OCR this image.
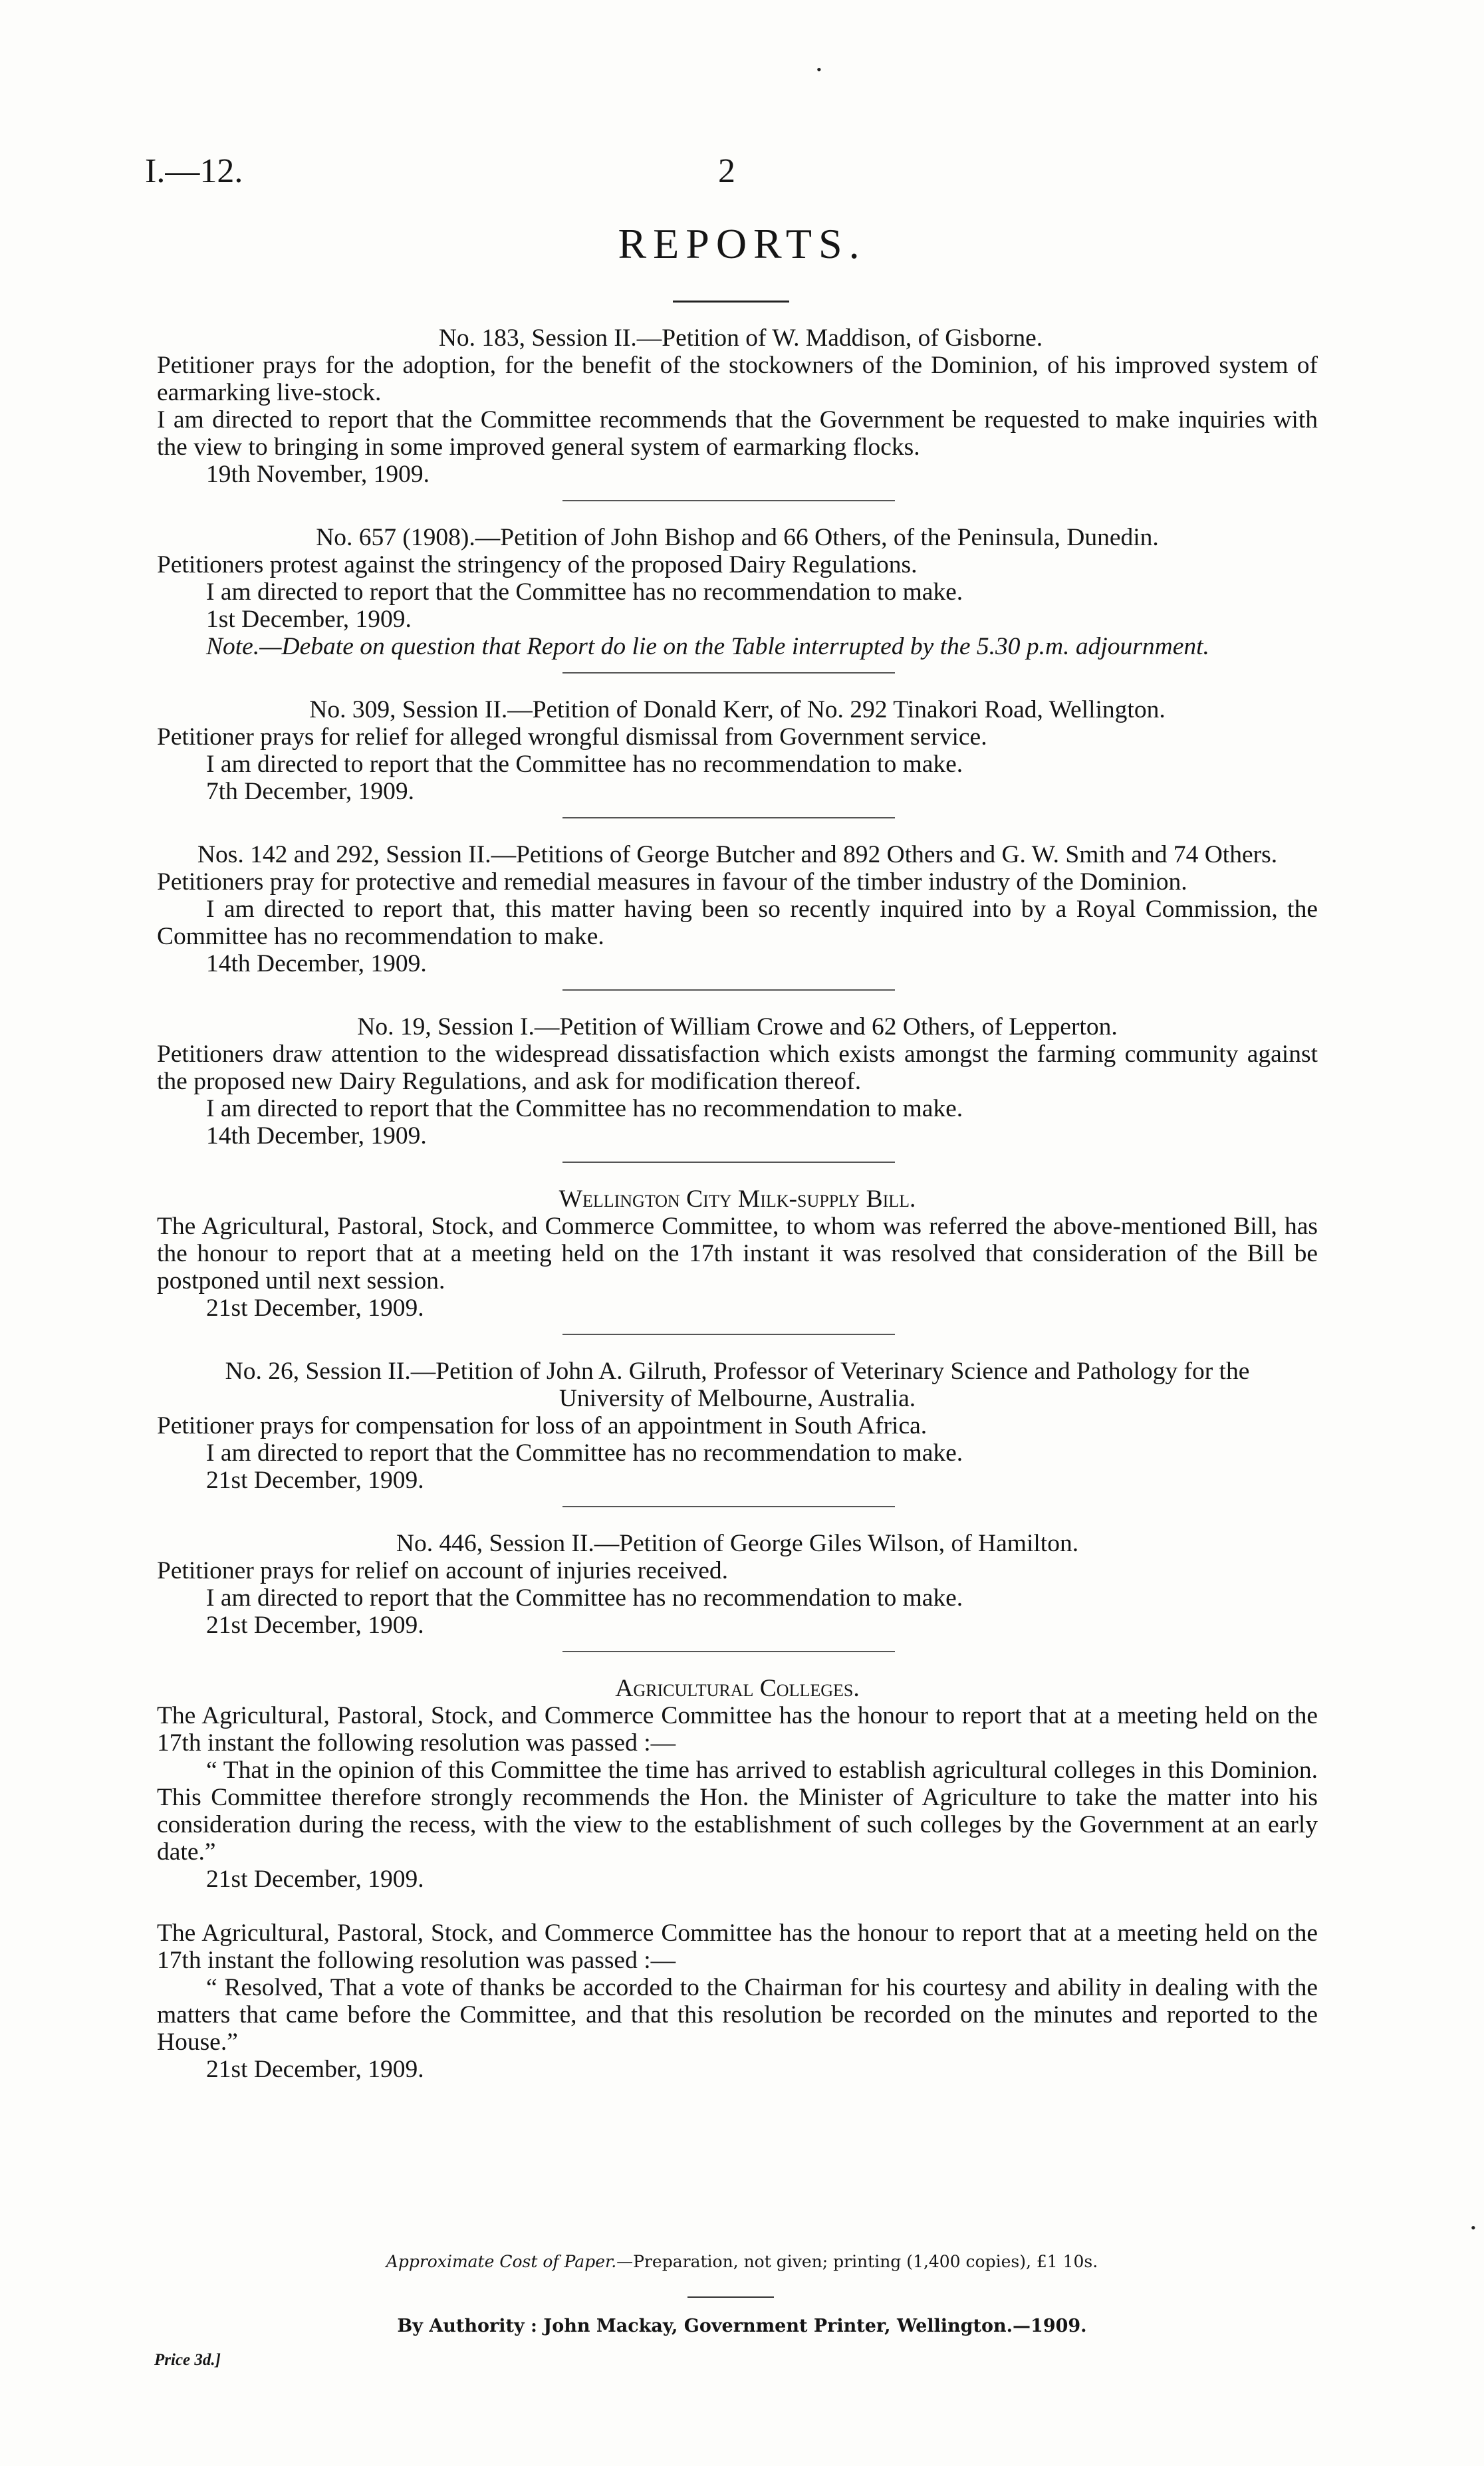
I.—12.	2
REPORTS.
No. 183, Session II.—Petition of W. Maddison, of Gisborne.
Petitioner prays for the adoption, for the benefit of the stockowners of the Dominion, of his improved system of earmarking live-stock.
I am directed to report that the Committee recommends that the Government be requested to make inquiries with the view to bringing in some improved general system of earmarking flocks.
19th November, 1909.
No. 657 (1908).—Petition of John Bishop and 66 Others, of the Peninsula, Dunedin.
Petitioners protest against the stringency of the proposed Dairy Regulations.
I am directed to report that the Committee has no recommendation to make.
1st December, 1909.
Note.—Debate on question that Report do lie on the Table interrupted by the 5.30 p.m. adjournment.
No. 309, Session II.—Petition of Donald Kerr, of No. 292 Tinakori Road, Wellington.
Petitioner prays for relief for alleged wrongful dismissal from Government service.
I am directed to report that the Committee has no recommendation to make.
7th December, 1909.
Nos. 142 and 292, Session II.—Petitions of George Butcher and 892 Others and G. W. Smith and 74 Others.
Petitioners pray for protective and remedial measures in favour of the timber industry of the Dominion.
I am directed to report that, this matter having been so recently inquired into by a Royal Commission, the Committee has no recommendation to make.
14th December, 1909.
No. 19, Session I.—Petition of William Crowe and 62 Others, of Lepperton.
Petitioners draw attention to the widespread dissatisfaction which exists amongst the farming community against the proposed new Dairy Regulations, and ask for modification thereof.
I am directed to report that the Committee has no recommendation to make.
14th December, 1909.
Wellington City Milk-supply Bill.
The Agricultural, Pastoral, Stock, and Commerce Committee, to whom was referred the above-mentioned Bill, has the honour to report that at a meeting held on the 17th instant it was resolved that consideration of the Bill be postponed until next session.
21st December, 1909.
No. 26, Session II.—Petition of John A. Gilruth, Professor of Veterinary Science and Pathology for the University of Melbourne, Australia.
Petitioner prays for compensation for loss of an appointment in South Africa.
I am directed to report that the Committee has no recommendation to make.
21st December, 1909.
No. 446, Session II.—Petition of George Giles Wilson, of Hamilton.
Petitioner prays for relief on account of injuries received.
I am directed to report that the Committee has no recommendation to make.
21st December, 1909.
Agricultural Colleges.
The Agricultural, Pastoral, Stock, and Commerce Committee has the honour to report that at a meeting held on the 17th instant the following resolution was passed :—
“ That in the opinion of this Committee the time has arrived to establish agricultural colleges in this Dominion. This Committee therefore strongly recommends the Hon. the Minister of Agriculture to take the matter into his consideration during the recess, with the view to the establishment of such colleges by the Government at an early date.”
21st December, 1909.
The Agricultural, Pastoral, Stock, and Commerce Committee has the honour to report that at a meeting held on the 17th instant the following resolution was passed :—
“ Resolved, That a vote of thanks be accorded to the Chairman for his courtesy and ability in dealing with the matters that came before the Committee, and that this resolution be recorded on the minutes and reported to the House.”
21st December, 1909.
Approximate Cost of Paper.—Preparation, not given; printing (1,400 copies), £1 10s.
By Authority : John Mackay, Government Printer, Wellington.—1909.
Price 3d.]
•
•
